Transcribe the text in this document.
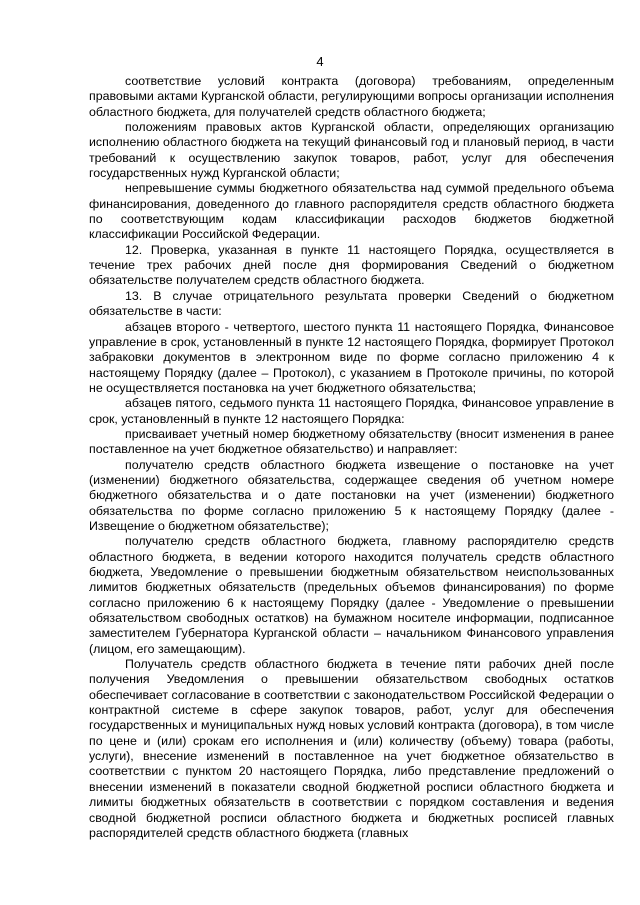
4

соответствие условий контракта (договора) требованиям, определенным правовыми актами Курганской области, регулирующими вопросы организации исполнения областного бюджета, для получателей средств областного бюджета;

положениям правовых актов Курганской области, определяющих организацию исполнению областного бюджета на текущий финансовый год и плановый период, в части требований к осуществлению закупок товаров, работ, услуг для обеспечения государственных нужд Курганской области;

непревышение суммы бюджетного обязательства над суммой предельного объема финансирования, доведенного до главного распорядителя средств областного бюджета по соответствующим кодам классификации расходов бюджетов бюджетной классификации Российской Федерации.

12. Проверка, указанная в пункте 11 настоящего Порядка, осуществляется в течение трех рабочих дней после дня формирования Сведений о бюджетном обязательстве получателем средств областного бюджета.

13. В случае отрицательного результата проверки Сведений о бюджетном обязательстве в части:

абзацев второго - четвертого, шестого пункта 11 настоящего Порядка, Финансовое управление в срок, установленный в пункте 12 настоящего Порядка, формирует Протокол забраковки документов в электронном виде по форме согласно приложению 4 к настоящему Порядку (далее – Протокол), с указанием в Протоколе причины, по которой не осуществляется постановка на учет бюджетного обязательства;

абзацев пятого, седьмого пункта 11 настоящего Порядка, Финансовое управление в срок, установленный в пункте 12 настоящего Порядка:

присваивает учетный номер бюджетному обязательству (вносит изменения в ранее поставленное на учет бюджетное обязательство) и направляет:

получателю средств областного бюджета извещение о постановке на учет (изменении) бюджетного обязательства, содержащее сведения об учетном номере бюджетного обязательства и о дате постановки на учет (изменении) бюджетного обязательства по форме согласно приложению 5 к настоящему Порядку (далее - Извещение о бюджетном обязательстве);

получателю средств областного бюджета, главному распорядителю средств областного бюджета, в ведении которого находится получатель средств областного бюджета, Уведомление о превышении бюджетным обязательством неиспользованных лимитов бюджетных обязательств (предельных объемов финансирования) по форме согласно приложению 6 к настоящему Порядку (далее - Уведомление о превышении обязательством свободных остатков) на бумажном носителе информации, подписанное заместителем Губернатора Курганской области – начальником Финансового управления (лицом, его замещающим).

Получатель средств областного бюджета в течение пяти рабочих дней после получения Уведомления о превышении обязательством свободных остатков обеспечивает согласование в соответствии с законодательством Российской Федерации о контрактной системе в сфере закупок товаров, работ, услуг для обеспечения государственных и муниципальных нужд новых условий контракта (договора), в том числе по цене и (или) срокам его исполнения и (или) количеству (объему) товара (работы, услуги), внесение изменений в поставленное на учет бюджетное обязательство в соответствии с пунктом 20 настоящего Порядка, либо представление предложений о внесении изменений в показатели сводной бюджетной росписи областного бюджета и лимиты бюджетных обязательств в соответствии с порядком составления и ведения сводной бюджетной росписи областного бюджета и бюджетных росписей главных распорядителей средств областного бюджета (главных
